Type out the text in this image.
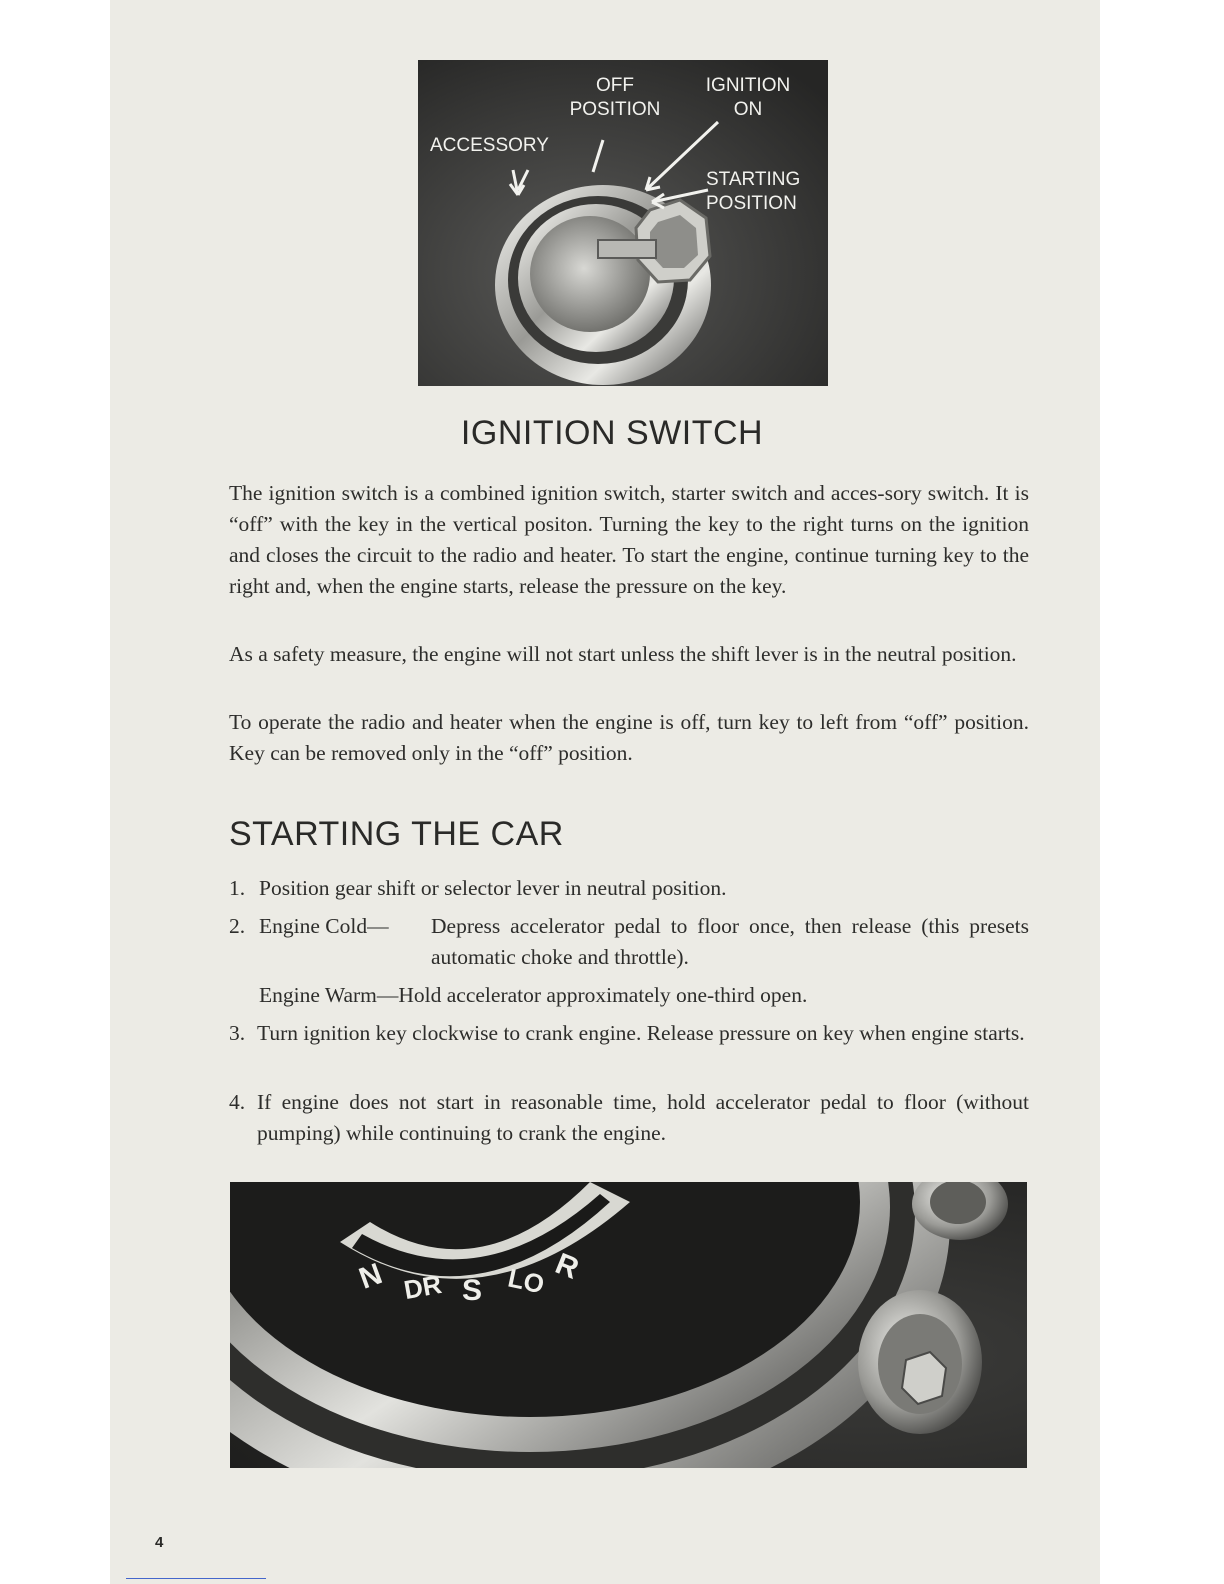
OFF
POSITION
IGNITION
ON
ACCESSORY
STARTING
POSITION
IGNITION SWITCH

The ignition switch is a combined ignition switch, starter switch and acces-sory switch. It is “off” with the key in the vertical positon. Turning the key to the right turns on the ignition and closes the circuit to the radio and heater. To start the engine, continue turning key to the right and, when the engine starts, release the pressure on the key.

As a safety measure, the engine will not start unless the shift lever is in the neutral position.

To operate the radio and heater when the engine is off, turn key to left from “off” position. Key can be removed only in the “off” position.

STARTING THE CAR
1. Position gear shift or selector lever in neutral position.
2. Engine Cold— Depress accelerator pedal to floor once, then release (this presets automatic choke and throttle).
Engine Warm—Hold accelerator approximately one-third open.
3. Turn ignition key clockwise to crank engine. Release pressure on key when engine starts.
4. If engine does not start in reasonable time, hold accelerator pedal to floor (without pumping) while continuing to crank the engine.
N DR S LO R
4
